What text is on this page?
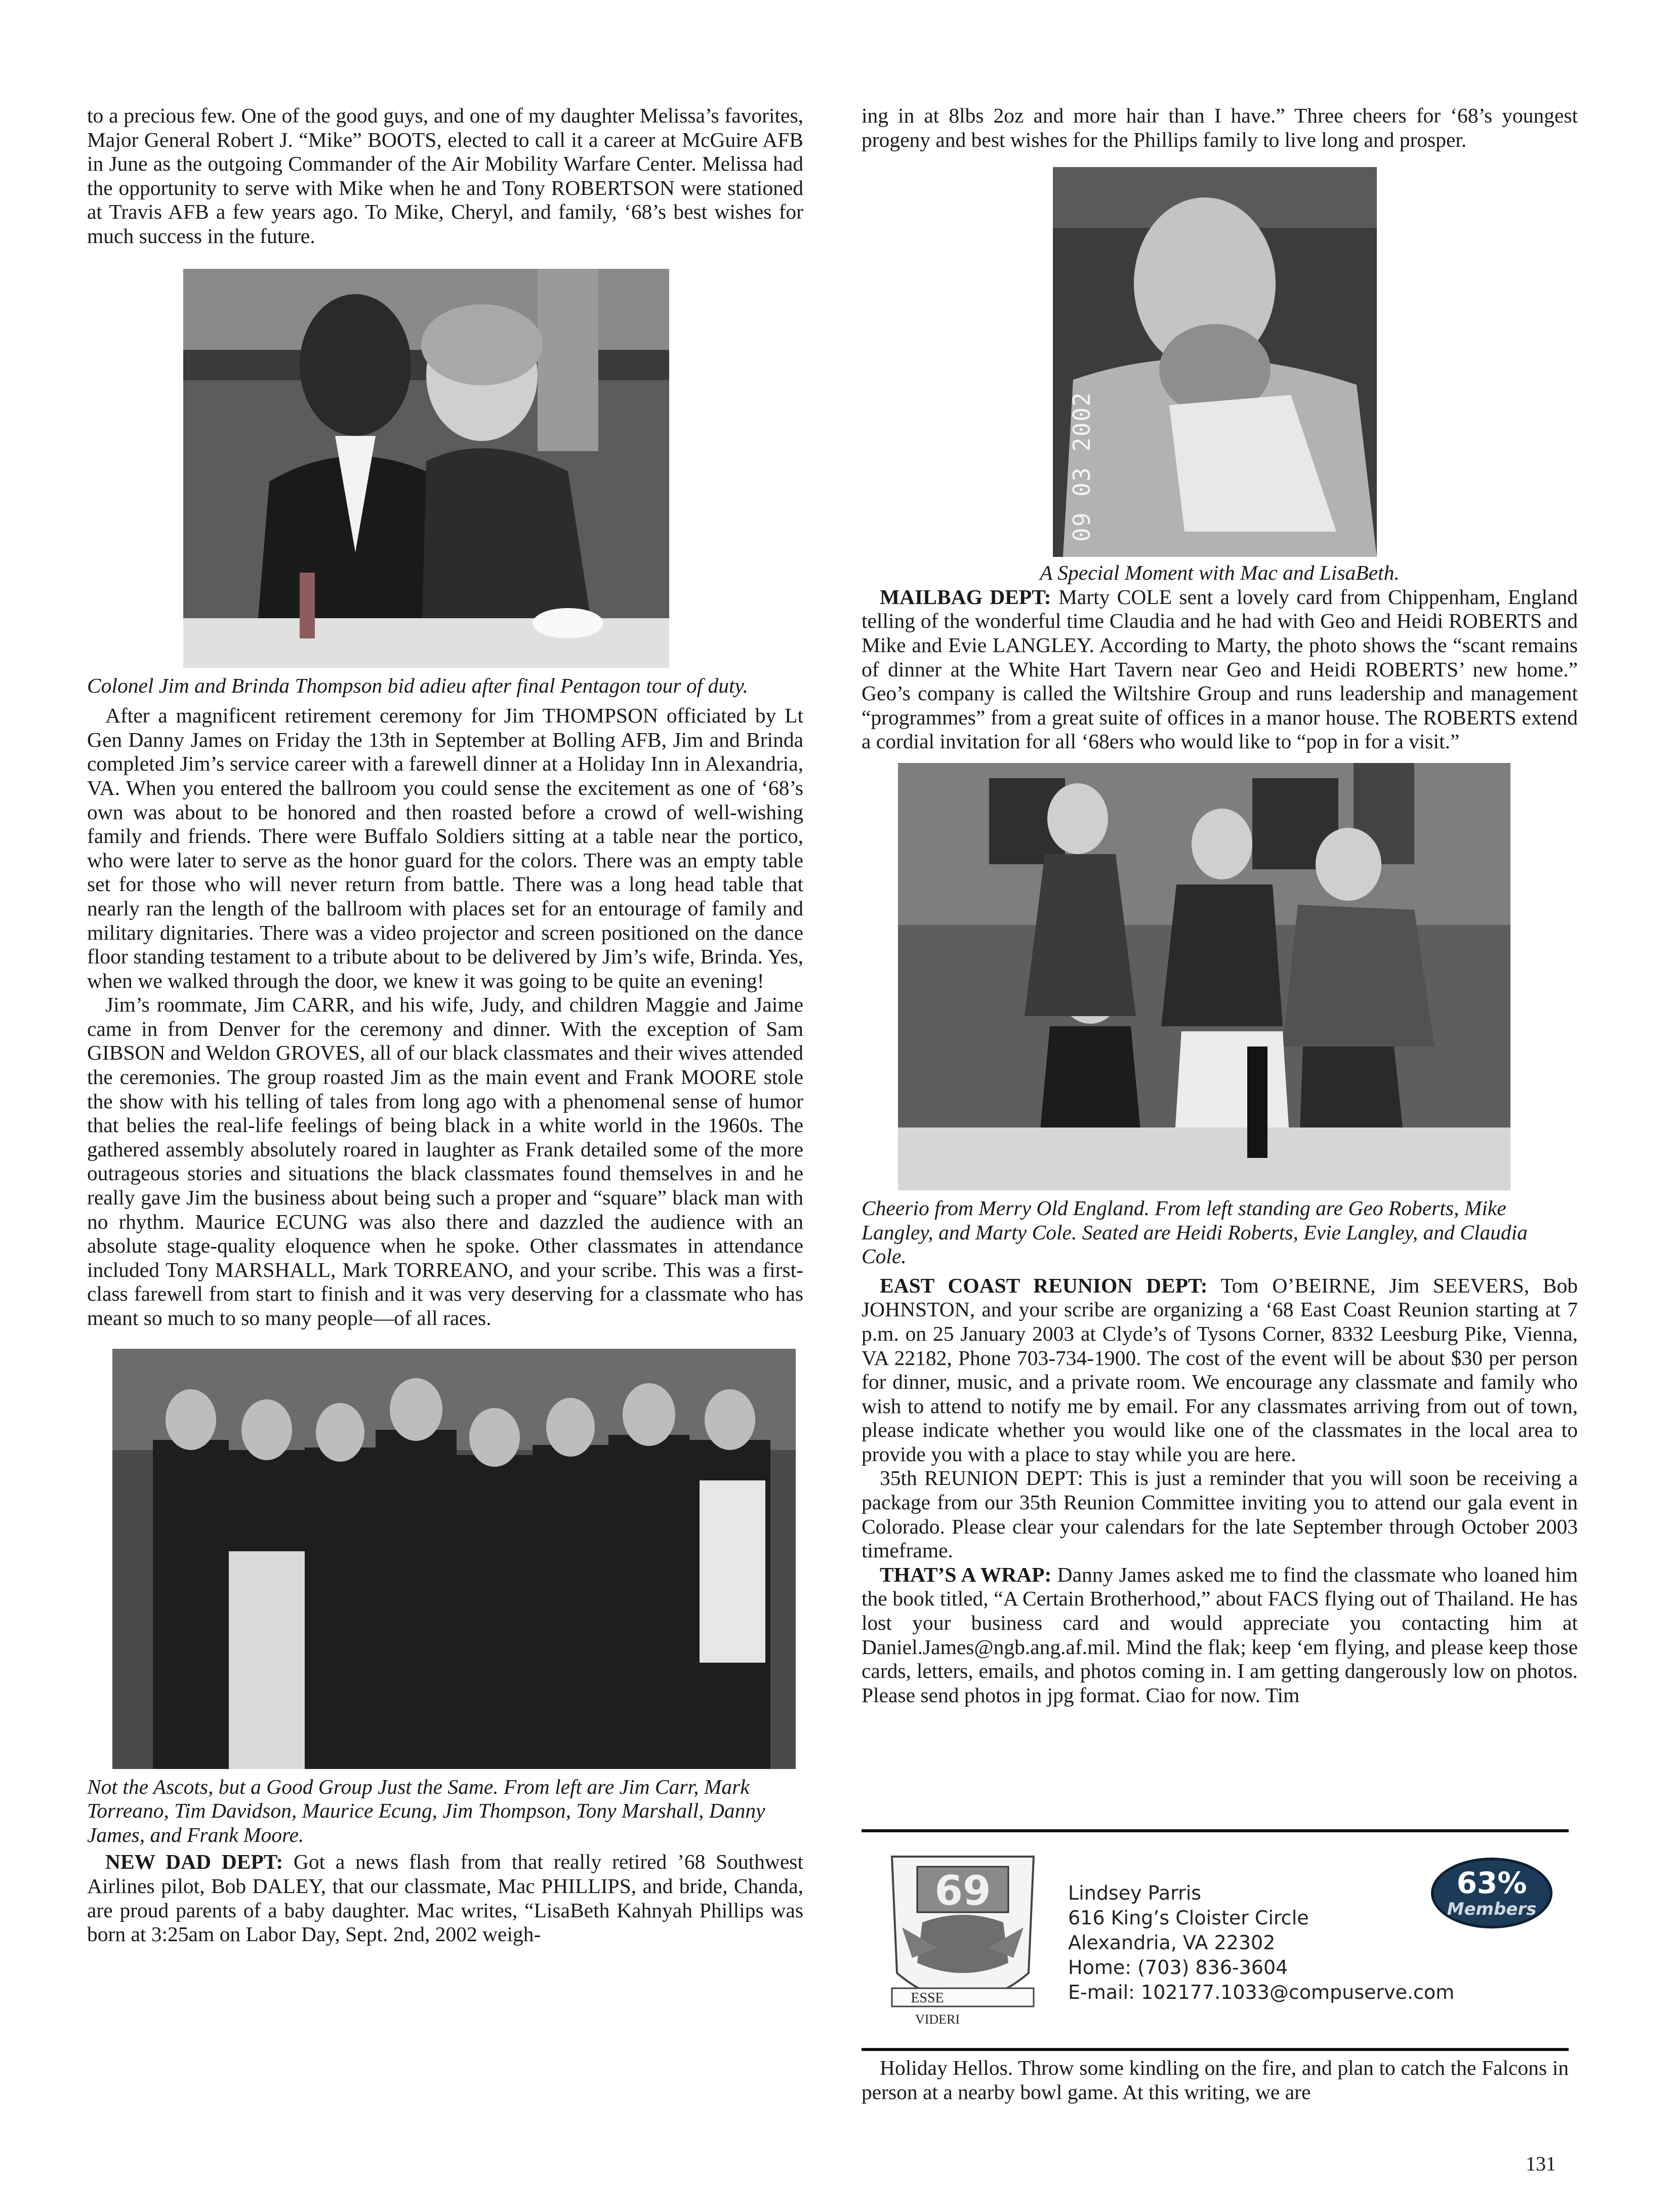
to a precious few. One of the good guys, and one of my daughter Melissa’s favorites, Major General Robert J. “Mike” BOOTS, elected to call it a career at McGuire AFB in June as the outgoing Commander of the Air Mobility Warfare Center. Melissa had the opportunity to serve with Mike when he and Tony ROBERTSON were stationed at Travis AFB a few years ago. To Mike, Cheryl, and family, ‘68’s best wishes for much success in the future.

Colonel Jim and Brinda Thompson bid adieu after final Pentagon tour of duty.

After a magnificent retirement ceremony for Jim THOMPSON officiated by Lt Gen Danny James on Friday the 13th in September at Bolling AFB, Jim and Brinda completed Jim’s service career with a farewell dinner at a Holiday Inn in Alexandria, VA. When you entered the ballroom you could sense the excitement as one of ‘68’s own was about to be honored and then roasted before a crowd of well-wishing family and friends. There were Buffalo Soldiers sitting at a table near the portico, who were later to serve as the honor guard for the colors. There was an empty table set for those who will never return from battle. There was a long head table that nearly ran the length of the ballroom with places set for an entourage of family and military dignitaries. There was a video projector and screen positioned on the dance floor standing testament to a tribute about to be delivered by Jim’s wife, Brinda. Yes, when we walked through the door, we knew it was going to be quite an evening!

Jim’s roommate, Jim CARR, and his wife, Judy, and children Maggie and Jaime came in from Denver for the ceremony and dinner. With the exception of Sam GIBSON and Weldon GROVES, all of our black classmates and their wives attended the ceremonies. The group roasted Jim as the main event and Frank MOORE stole the show with his telling of tales from long ago with a phenomenal sense of humor that belies the real-life feelings of being black in a white world in the 1960s. The gathered assembly absolutely roared in laughter as Frank detailed some of the more outrageous stories and situations the black classmates found themselves in and he really gave Jim the business about being such a proper and “square” black man with no rhythm. Maurice ECUNG was also there and dazzled the audience with an absolute stage-quality eloquence when he spoke. Other classmates in attendance included Tony MARSHALL, Mark TORREANO, and your scribe. This was a first-class farewell from start to finish and it was very deserving for a classmate who has meant so much to so many people—of all races.

Not the Ascots, but a Good Group Just the Same. From left are Jim Carr, Mark Torreano, Tim Davidson, Maurice Ecung, Jim Thompson, Tony Marshall, Danny James, and Frank Moore.

NEW DAD DEPT: Got a news flash from that really retired ’68 Southwest Airlines pilot, Bob DALEY, that our classmate, Mac PHILLIPS, and bride, Chanda, are proud parents of a baby daughter. Mac writes, “LisaBeth Kahnyah Phillips was born at 3:25am on Labor Day, Sept. 2nd, 2002 weigh-

ing in at 8lbs 2oz and more hair than I have.” Three cheers for ‘68’s youngest progeny and best wishes for the Phillips family to live long and prosper.

09 03 2002

A Special Moment with Mac and LisaBeth.

MAILBAG DEPT: Marty COLE sent a lovely card from Chippenham, England telling of the wonderful time Claudia and he had with Geo and Heidi ROBERTS and Mike and Evie LANGLEY. According to Marty, the photo shows the “scant remains of dinner at the White Hart Tavern near Geo and Heidi ROBERTS’ new home.” Geo’s company is called the Wiltshire Group and runs leadership and management “programmes” from a great suite of offices in a manor house. The ROBERTS extend a cordial invitation for all ‘68ers who would like to “pop in for a visit.”

Cheerio from Merry Old England. From left standing are Geo Roberts, Mike Langley, and Marty Cole. Seated are Heidi Roberts, Evie Langley, and Claudia Cole.

EAST COAST REUNION DEPT: Tom O’BEIRNE, Jim SEEVERS, Bob JOHNSTON, and your scribe are organizing a ‘68 East Coast Reunion starting at 7 p.m. on 25 January 2003 at Clyde’s of Tysons Corner, 8332 Leesburg Pike, Vienna, VA 22182, Phone 703-734-1900. The cost of the event will be about $30 per person for dinner, music, and a private room. We encourage any classmate and family who wish to attend to notify me by email. For any classmates arriving from out of town, please indicate whether you would like one of the classmates in the local area to provide you with a place to stay while you are here.

35th REUNION DEPT: This is just a reminder that you will soon be receiving a package from our 35th Reunion Committee inviting you to attend our gala event in Colorado. Please clear your calendars for the late September through October 2003 timeframe.

THAT’S A WRAP: Danny James asked me to find the classmate who loaned him the book titled, “A Certain Brotherhood,” about FACS flying out of Thailand. He has lost your business card and would appreciate you contacting him at Daniel.James@ngb.ang.af.mil. Mind the flak; keep ‘em flying, and please keep those cards, letters, emails, and photos coming in. I am getting dangerously low on photos. Please send photos in jpg format. Ciao for now. Tim

69
ESSE
VIDERI
Lindsey Parris
616 King’s Cloister Circle
Alexandria, VA 22302
Home: (703) 836-3604
E-mail: 102177.1033@compuserve.com
63%
Members

Holiday Hellos. Throw some kindling on the fire, and plan to catch the Falcons in person at a nearby bowl game. At this writing, we are

131
